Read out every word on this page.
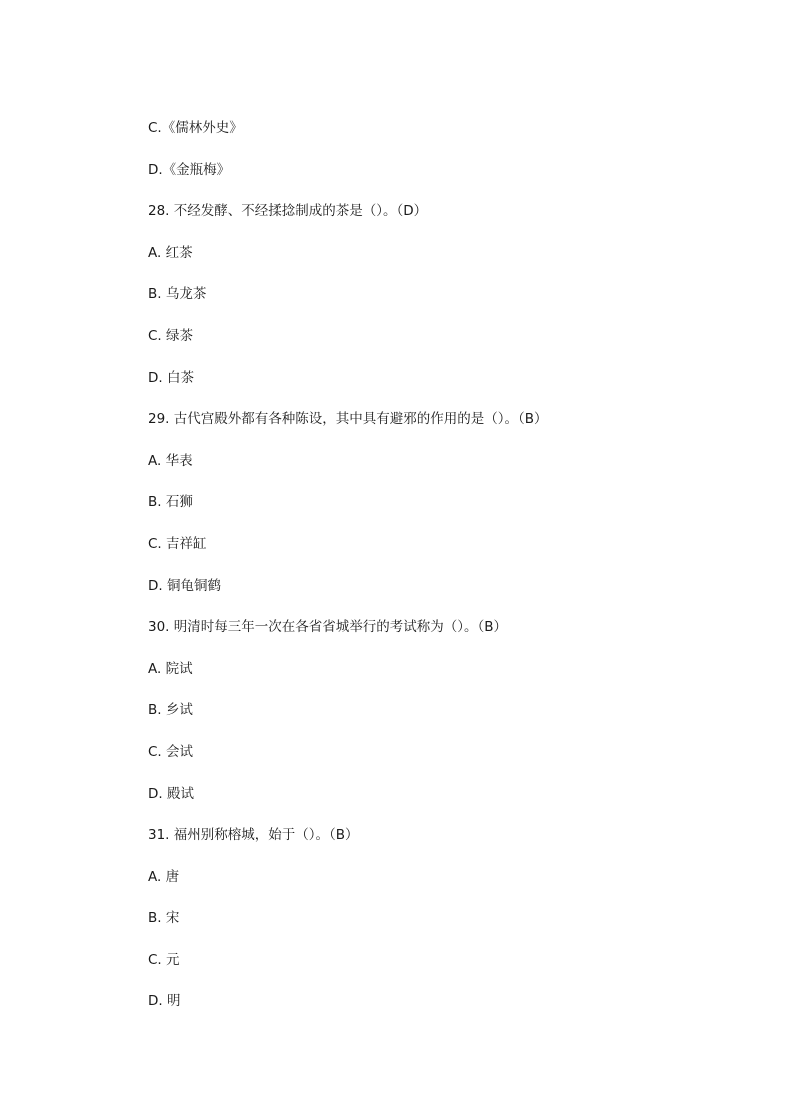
C.《儒林外史》
D.《金瓶梅》
28. 不经发酵、不经揉捻制成的茶是（）。（D）
A. 红茶
B. 乌龙茶
C. 绿茶
D. 白茶
29. 古代宫殿外都有各种陈设，其中具有避邪的作用的是（）。（B）
A. 华表
B. 石狮
C. 吉祥缸
D. 铜龟铜鹤
30. 明清时每三年一次在各省省城举行的考试称为（）。（B）
A. 院试
B. 乡试
C. 会试
D. 殿试
31. 福州别称榕城，始于（）。（B）
A. 唐
B. 宋
C. 元
D. 明
